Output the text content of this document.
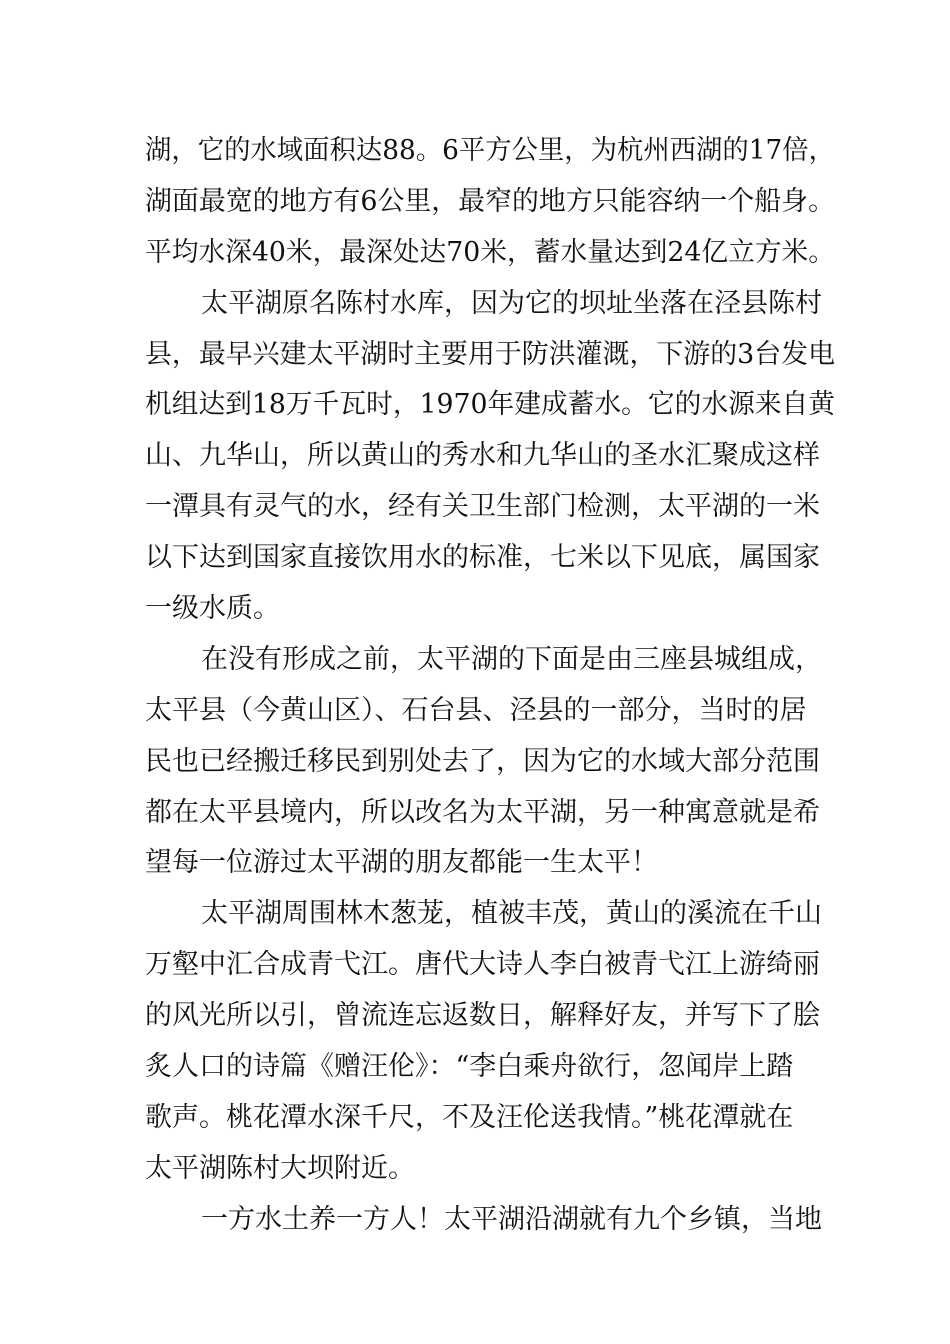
湖，它的水域面积达88。6平方公里，为杭州西湖的17倍，
湖面最宽的地方有6公里，最窄的地方只能容纳一个船身。
平均水深40米，最深处达70米，蓄水量达到24亿立方米。
太平湖原名陈村水库，因为它的坝址坐落在泾县陈村
县，最早兴建太平湖时主要用于防洪灌溉，下游的3台发电
机组达到18万千瓦时，1970年建成蓄水。它的水源来自黄
山、九华山，所以黄山的秀水和九华山的圣水汇聚成这样
一潭具有灵气的水，经有关卫生部门检测，太平湖的一米
以下达到国家直接饮用水的标准，七米以下见底，属国家
一级水质。
在没有形成之前，太平湖的下面是由三座县城组成，
太平县（今黄山区）、石台县、泾县的一部分，当时的居
民也已经搬迁移民到别处去了，因为它的水域大部分范围
都在太平县境内，所以改名为太平湖，另一种寓意就是希
望每一位游过太平湖的朋友都能一生太平！
太平湖周围林木葱茏，植被丰茂，黄山的溪流在千山
万壑中汇合成青弋江。唐代大诗人李白被青弋江上游绮丽
的风光所以引，曾流连忘返数日，解释好友，并写下了脍
炙人口的诗篇《赠汪伦》：“李白乘舟欲行，忽闻岸上踏
歌声。桃花潭水深千尺，不及汪伦送我情。”桃花潭就在
太平湖陈村大坝附近。
一方水土养一方人！太平湖沿湖就有九个乡镇，当地
